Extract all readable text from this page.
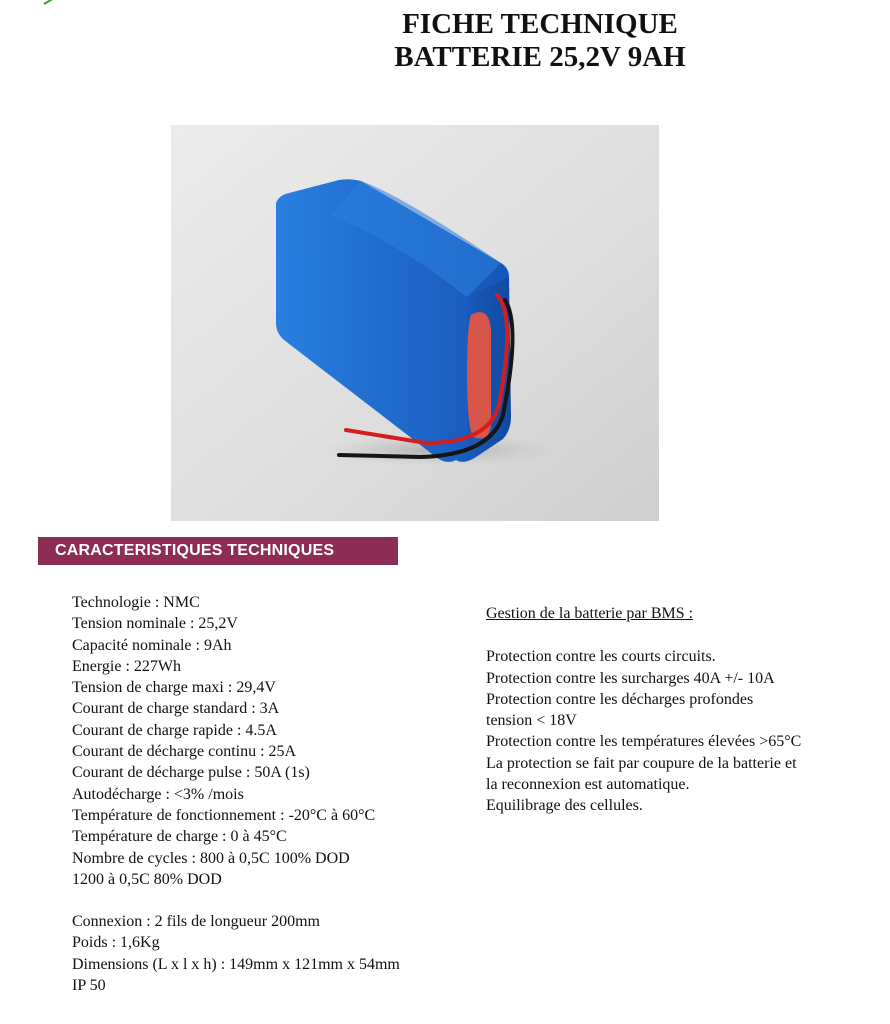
FICHE TECHNIQUE
BATTERIE 25,2V 9AH
CARACTERISTIQUES TECHNIQUES
Technologie : NMC
Tension nominale : 25,2V
Capacité nominale : 9Ah
Energie : 227Wh
Tension de charge maxi : 29,4V
Courant de charge standard : 3A
Courant de charge rapide : 4.5A
Courant de décharge continu : 25A
Courant de décharge pulse : 50A (1s)
Autodécharge : <3% /mois
Température de fonctionnement : -20°C à 60°C
Température de charge : 0 à 45°C
Nombre de cycles : 800 à 0,5C 100% DOD
1200 à 0,5C 80% DOD
Connexion : 2 fils de longueur 200mm
Poids : 1,6Kg
Dimensions (L x l x h) : 149mm x 121mm x 54mm
IP 50
Gestion de la batterie par BMS :
Protection contre les courts circuits.
Protection contre les surcharges 40A +/- 10A
Protection contre les décharges profondes
tension < 18V
Protection contre les températures élevées >65°C
La protection se fait par coupure de la batterie et
la reconnexion est automatique.
Equilibrage des cellules.
